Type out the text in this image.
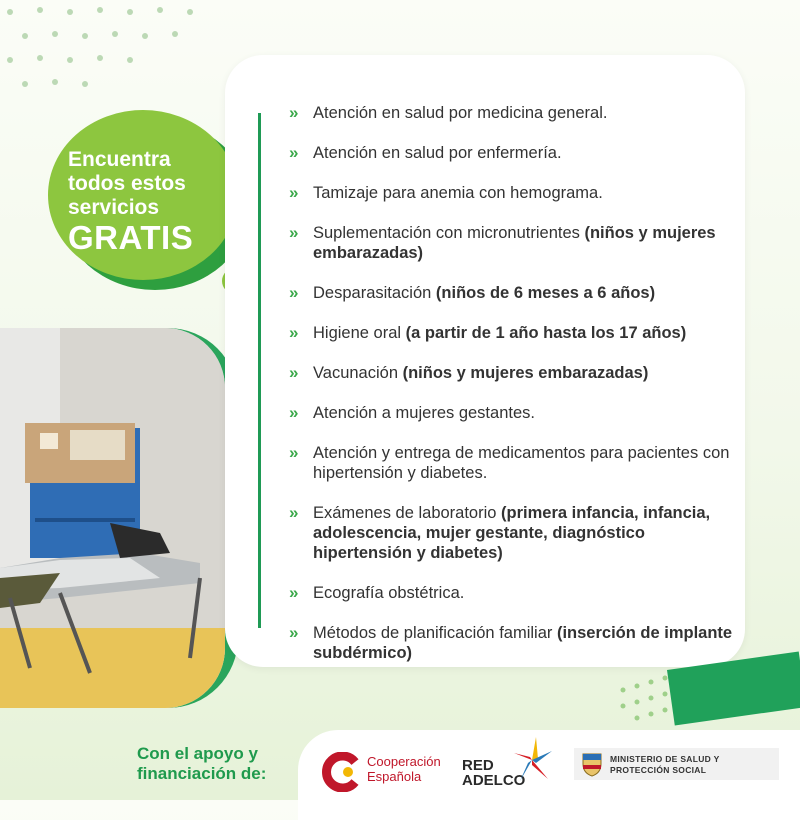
Encuentra
todos estos
servicios
GRATIS
» Atención en salud por medicina general.
» Atención en salud por enfermería.
» Tamizaje para anemia con hemograma.
» Suplementación con micronutrientes (niños y mujeres embarazadas)
» Desparasitación (niños de 6 meses a 6 años)
» Higiene oral (a partir de 1 año hasta los 17 años)
» Vacunación (niños y mujeres embarazadas)
» Atención a mujeres gestantes.
» Atención y entrega de medicamentos para pacientes con hipertensión y diabetes.
» Exámenes de laboratorio (primera infancia, infancia, adolescencia, mujer gestante, diagnóstico hipertensión y diabetes)
» Ecografía obstétrica.
» Métodos de planificación familiar (inserción de implante subdérmico)
Con el apoyo y
financiación de:
Cooperación
Española
RED
ADELCO
MINISTERIO DE SALUD Y
PROTECCIÓN SOCIAL
